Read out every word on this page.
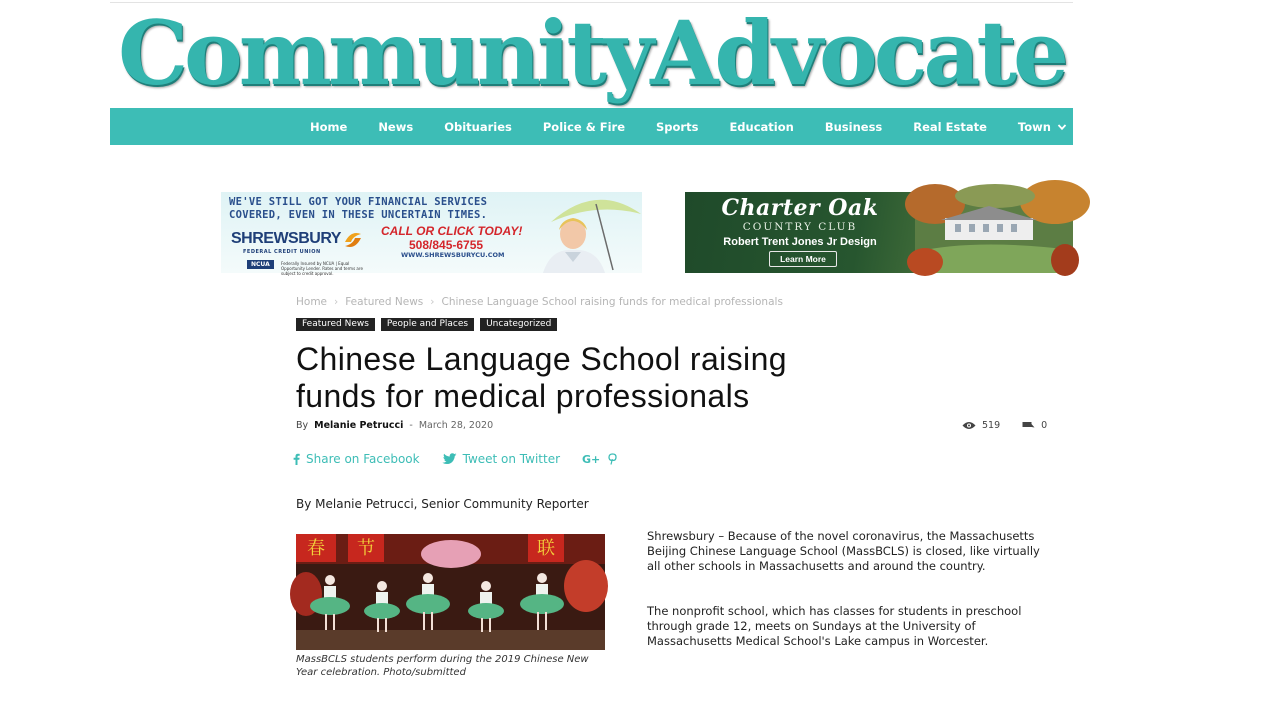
CommunityAdvocate
Home	News	Obituaries	Police & Fire	Sports	Education	Business	Real Estate	Town
WE'VE STILL GOT YOUR FINANCIAL SERVICES
COVERED, EVEN IN THESE UNCERTAIN TIMES.
SHREWSBURY
FEDERAL CREDIT UNION
CALL OR CLICK TODAY!
508/845-6755
WWW.SHREWSBURYCU.COM
NCUA	Federally Insured by NCUA | Equal Opportunity Lender. Rates and terms are subject to credit approval.
Charter Oak
COUNTRY CLUB
Robert Trent Jones Jr Design
Learn More
Home › Featured News › Chinese Language School raising funds for medical professionals
Featured News	People and Places	Uncategorized
Chinese Language School raising
funds for medical professionals
By Melanie Petrucci - March 28, 2020	519	0
Share on Facebook	Tweet on Twitter G+
By Melanie Petrucci, Senior Community Reporter
春 节	联
MassBCLS students perform during the 2019 Chinese New Year celebration. Photo/submitted

Shrewsbury – Because of the novel coronavirus, the Massachusetts Beijing Chinese Language School (MassBCLS) is closed, like virtually all other schools in Massachusetts and around the country.

The nonprofit school, which has classes for students in preschool through grade 12, meets on Sundays at the University of Massachusetts Medical School's Lake campus in Worcester.
